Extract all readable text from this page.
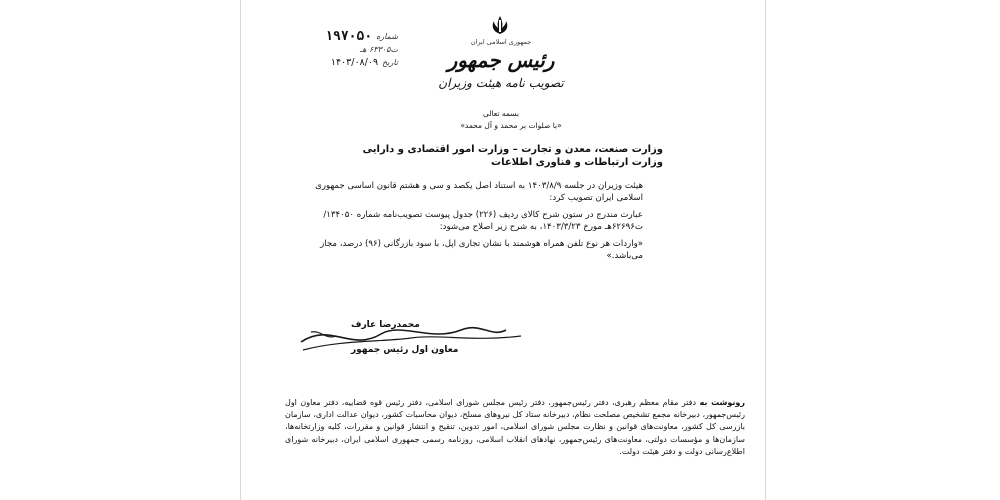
شماره
۱۹۷۰۵۰
ت۶۳۳۰۵ هـ
تاریخ
۱۴۰۳/۰۸/۰۹
جمهوری اسلامی ایران
رئیس جمهور
تصویب نامه هیئت وزیران
بسمه تعالی
«با صلوات بر محمد و آل محمد»
وزارت صنعت، معدن و تجارت – وزارت امور اقتصادی و دارایی
وزارت ارتباطات و فناوری اطلاعات

هیئت وزیران در جلسه ۱۴۰۳/۸/۹ به استناد اصل یکصد و سی و هشتم قانون اساسی جمهوری اسلامی ایران تصویب کرد:

عبارت مندرج در ستون شرح کالای ردیف (۲۲۶) جدول پیوست تصویب‌نامه شماره ۱۳۴۰۵۰/ت۶۲۶۹۶هـ مورخ ۱۴۰۳/۳/۲۳، به شرح زیر اصلاح می‌شود:

«واردات هر نوع تلفن همراه هوشمند با نشان تجاری اپل، با سود بازرگانی (۹۶) درصد، مجاز می‌باشد.»

محمدرضا عارف
معاون اول رئیس جمهور
رونوشت به دفتر مقام معظم رهبری، دفتر رئیس‌جمهور، دفتر رئیس مجلس شورای اسلامی، دفتر رئیس قوه قضاییه، دفتر معاون اول رئیس‌جمهور، دبیرخانه مجمع تشخیص مصلحت نظام، دبیرخانه ستاد کل نیروهای مسلح، دیوان محاسبات کشور، دیوان عدالت اداری، سازمان بازرسی کل کشور، معاونت‌های قوانین و نظارت مجلس شورای اسلامی، امور تدوین، تنقیح و انتشار قوانین و مقررات، کلیه وزارتخانه‌ها، سازمان‌ها و مؤسسات دولتی، معاونت‌های رئیس‌جمهور، نهادهای انقلاب اسلامی، روزنامه رسمی جمهوری اسلامی ایران، دبیرخانه شورای اطلاع‌رسانی دولت و دفتر هیئت دولت.
